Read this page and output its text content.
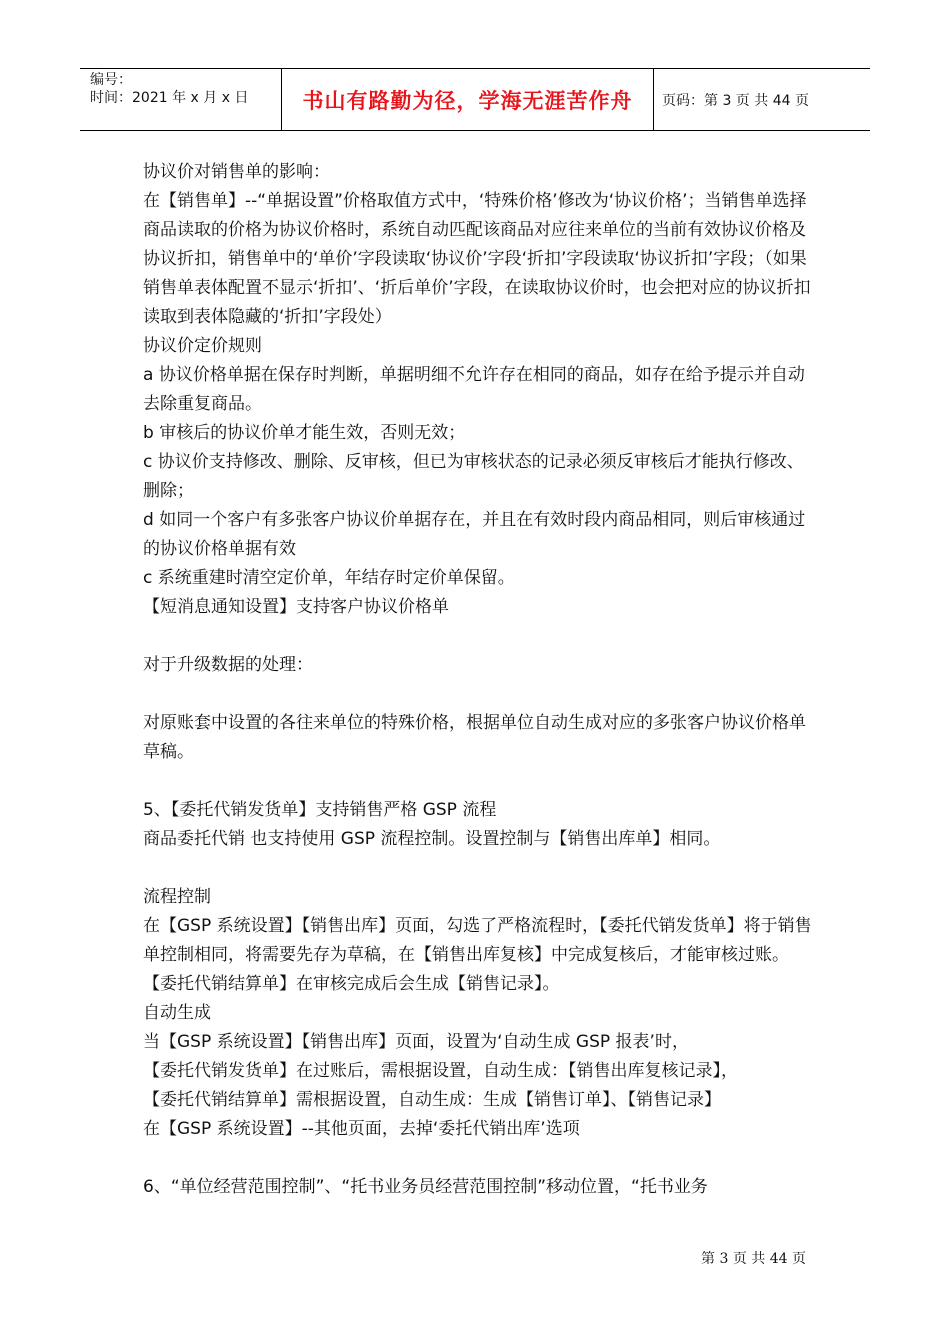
编号：
时间：2021 年 x 月 x 日	书山有路勤为径，学海无涯苦作舟	页码：第 3 页 共 44 页

协议价对销售单的影响：

在【销售单】--“单据设置”价格取值方式中，‘特殊价格’修改为‘协议价格’；当销售单选择商品读取的价格为协议价格时，系统自动匹配该商品对应往来单位的当前有效协议价格及协议折扣，销售单中的‘单价’字段读取‘协议价’字段‘折扣’字段读取‘协议折扣’字段；（如果销售单表体配置不显示‘折扣’、‘折后单价’字段，在读取协议价时，也会把对应的协议折扣读取到表体隐藏的‘折扣’字段处）

协议价定价规则

a 协议价格单据在保存时判断，单据明细不允许存在相同的商品，如存在给予提示并自动去除重复商品。

b 审核后的协议价单才能生效，否则无效；

c 协议价支持修改、删除、反审核，但已为审核状态的记录必须反审核后才能执行修改、删除；

d 如同一个客户有多张客户协议价单据存在，并且在有效时段内商品相同，则后审核通过的协议价格单据有效

c 系统重建时清空定价单，年结存时定价单保留。

【短消息通知设置】支持客户协议价格单

对于升级数据的处理：

对原账套中设置的各往来单位的特殊价格，根据单位自动生成对应的多张客户协议价格单草稿。

5、【委托代销发货单】支持销售严格 GSP 流程

商品委托代销 也支持使用 GSP 流程控制。设置控制与【销售出库单】相同。

流程控制

在【GSP 系统设置】【销售出库】页面，勾选了严格流程时，【委托代销发货单】将于销售单控制相同，将需要先存为草稿，在【销售出库复核】中完成复核后，才能审核过账。【委托代销结算单】在审核完成后会生成【销售记录】。

自动生成

当【GSP 系统设置】【销售出库】页面，设置为‘自动生成 GSP 报表’时，

【委托代销发货单】在过账后，需根据设置，自动生成：【销售出库复核记录】，

【委托代销结算单】需根据设置，自动生成：生成【销售订单】、【销售记录】

在【GSP 系统设置】--其他页面，去掉‘委托代销出库’选项

6、“单位经营范围控制”、“托书业务员经营范围控制”移动位置，“托书业务

第 3 页 共 44 页
